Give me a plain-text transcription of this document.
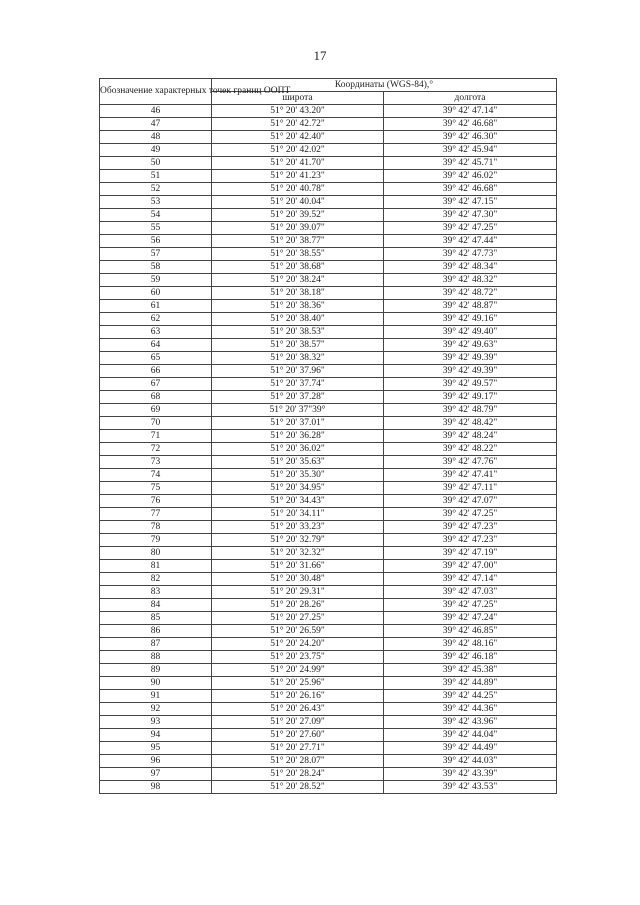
17
Обозначение характерных точек границ ООПТ	Координаты (WGS-84),°	
	широта	долгота
46	51° 20' 43.20"	39° 42' 47.14"
47	51° 20' 42.72"	39° 42' 46.68"
48	51° 20' 42.40"	39° 42' 46.30"
49	51° 20' 42.02"	39° 42' 45.94"
50	51° 20' 41.70"	39° 42' 45.71"
51	51° 20' 41.23"	39° 42' 46.02"
52	51° 20' 40.78"	39° 42' 46.68"
53	51° 20' 40.04"	39° 42' 47.15"
54	51° 20' 39.52"	39° 42' 47.30"
55	51° 20' 39.07"	39° 42' 47.25"
56	51° 20' 38.77"	39° 42' 47.44"
57	51° 20' 38.55"	39° 42' 47.73"
58	51° 20' 38.68"	39° 42' 48.34"
59	51° 20' 38.24"	39° 42' 48.32"
60	51° 20' 38.18"	39° 42' 48.72"
61	51° 20' 38.36"	39° 42' 48.87"
62	51° 20' 38.40"	39° 42' 49.16"
63	51° 20' 38.53"	39° 42' 49.40"
64	51° 20' 38.57"	39° 42' 49.63"
65	51° 20' 38.32"	39° 42' 49.39"
66	51° 20' 37.96"	39° 42' 49.39"
67	51° 20' 37.74"	39° 42' 49.57"
68	51° 20' 37.28"	39° 42' 49.17"
69	51° 20' 37"39°	39° 42' 48.79"
70	51° 20' 37.01"	39° 42' 48.42"
71	51° 20' 36.28"	39° 42' 48.24"
72	51° 20' 36.02"	39° 42' 48.22"
73	51° 20' 35.63"	39° 42' 47.76"
74	51° 20' 35.30"	39° 42' 47.41"
75	51° 20' 34.95"	39° 42' 47.11"
76	51° 20' 34.43"	39° 42' 47.07"
77	51° 20' 34.11"	39° 42' 47.25"
78	51° 20' 33.23"	39° 42' 47.23"
79	51° 20' 32.79"	39° 42' 47.23"
80	51° 20' 32.32"	39° 42' 47.19"
81	51° 20' 31.66"	39° 42' 47.00"
82	51° 20' 30.48"	39° 42' 47.14"
83	51° 20' 29.31"	39° 42' 47.03"
84	51° 20' 28.26"	39° 42' 47.25"
85	51° 20' 27.25"	39° 42' 47.24"
86	51° 20' 26.59"	39° 42' 46.85"
87	51° 20' 24.20"	39° 42' 48.16"
88	51° 20' 23.75"	39° 42' 46.18"
89	51° 20' 24.99"	39° 42' 45.38"
90	51° 20' 25.96"	39° 42' 44.89"
91	51° 20' 26.16"	39° 42' 44.25"
92	51° 20' 26.43"	39° 42' 44.36"
93	51° 20' 27.09"	39° 42' 43.96"
94	51° 20' 27.60"	39° 42' 44.04"
95	51° 20' 27.71"	39° 42' 44.49"
96	51° 20' 28.07"	39° 42' 44.03"
97	51° 20' 28.24"	39° 42' 43.39"
98	51° 20' 28.52"	39° 42' 43.53"
